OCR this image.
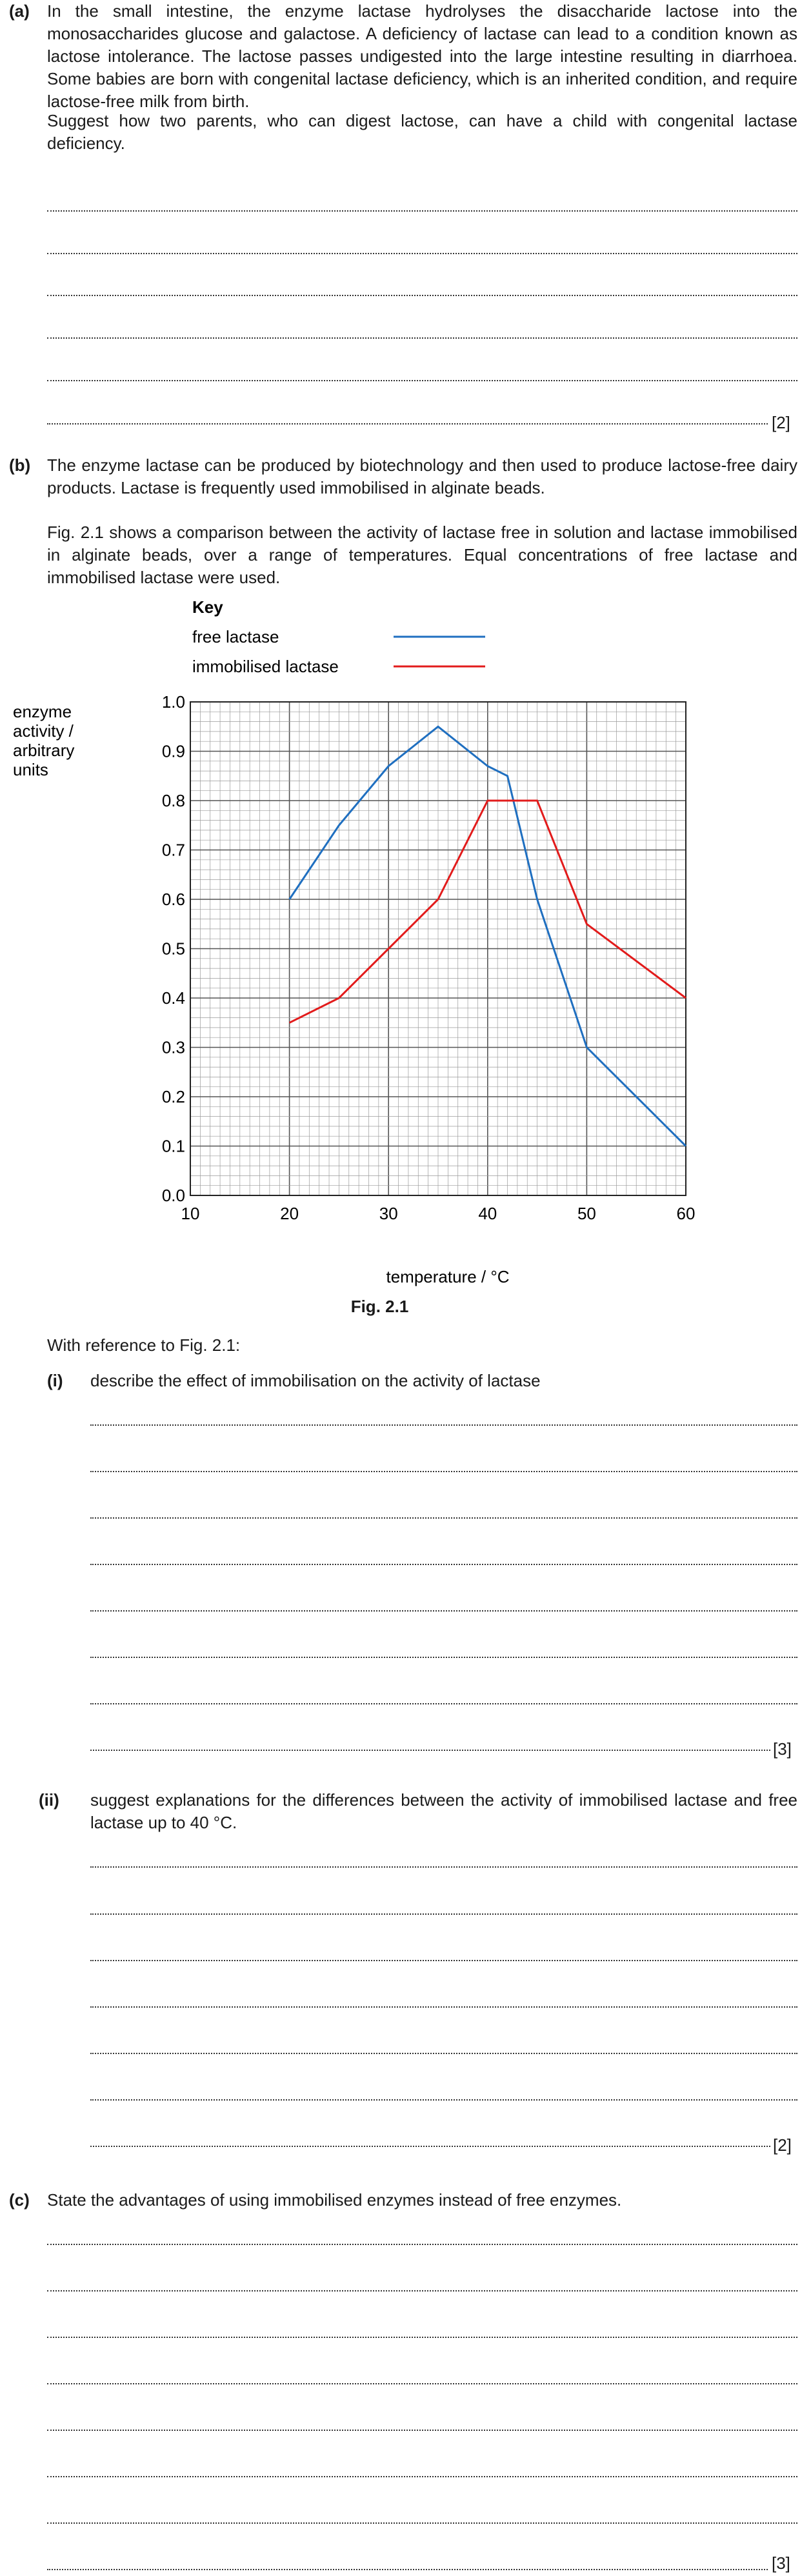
(a) In the small intestine, the enzyme lactase hydrolyses the disaccharide lactose into the monosaccharides glucose and galactose. A deficiency of lactase can lead to a condition known as lactose intolerance. The lactose passes undigested into the large intestine resulting in diarrhoea. Some babies are born with congenital lactase deficiency, which is an inherited condition, and require lactose-free milk from birth.
Suggest how two parents, who can digest lactose, can have a child with congenital lactase deficiency.
[2]
(b) The enzyme lactase can be produced by biotechnology and then used to produce lactose-free dairy products. Lactase is frequently used immobilised in alginate beads.
Fig. 2.1 shows a comparison between the activity of lactase free in solution and lactase immobilised in alginate beads, over a range of temperatures. Equal concentrations of free lactase and immobilised lactase were used.
Key
free lactase
immobilised lactase
enzyme
activity /
arbitrary
units
0.0
0.1
0.2
0.3
0.4
0.5
0.6
0.7
0.8
0.9
1.0
10	20	30	40	50	60
temperature / °C
Fig. 2.1
With reference to Fig. 2.1:
(i) describe the effect of immobilisation on the activity of lactase
[3]
(ii) suggest explanations for the differences between the activity of immobilised lactase and free lactase up to 40 °C.
[2]
(c) State the advantages of using immobilised enzymes instead of free enzymes.
[3]
